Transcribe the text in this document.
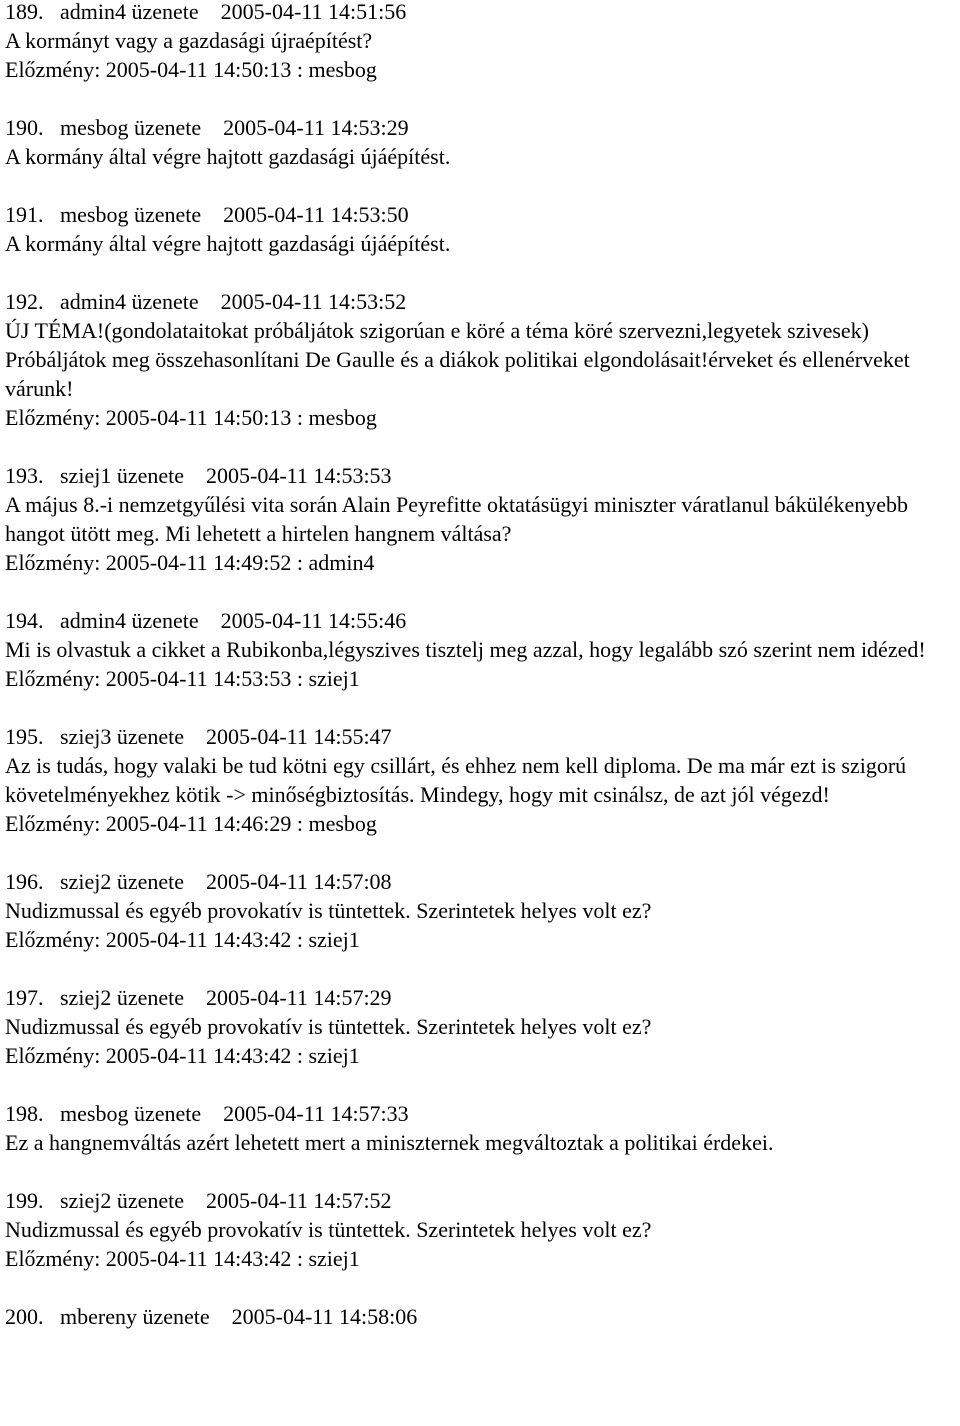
189. admin4 üzenete 2005-04-11 14:51:56

A kormányt vagy a gazdasági újraépítést?

Előzmény: 2005-04-11 14:50:13 : mesbog
190. mesbog üzenete 2005-04-11 14:53:29

A kormány által végre hajtott gazdasági újáépítést.

191. mesbog üzenete 2005-04-11 14:53:50

A kormány által végre hajtott gazdasági újáépítést.

192. admin4 üzenete 2005-04-11 14:53:52

ÚJ TÉMA!(gondolataitokat próbáljátok szigorúan e köré a téma köré szervezni,legyetek szivesek)

Próbáljátok meg összehasonlítani De Gaulle és a diákok politikai elgondolásait!érveket és ellenérveket várunk!

Előzmény: 2005-04-11 14:50:13 : mesbog
193. sziej1 üzenete 2005-04-11 14:53:53

A május 8.-i nemzetgyűlési vita során Alain Peyrefitte oktatásügyi miniszter váratlanul bákülékenyebb hangot ütött meg. Mi lehetett a hirtelen hangnem váltása?

Előzmény: 2005-04-11 14:49:52 : admin4
194. admin4 üzenete 2005-04-11 14:55:46

Mi is olvastuk a cikket a Rubikonba,légyszives tisztelj meg azzal, hogy legalább szó szerint nem idézed!

Előzmény: 2005-04-11 14:53:53 : sziej1
195. sziej3 üzenete 2005-04-11 14:55:47

Az is tudás, hogy valaki be tud kötni egy csillárt, és ehhez nem kell diploma. De ma már ezt is szigorú követelményekhez kötik -> minőségbiztosítás. Mindegy, hogy mit csinálsz, de azt jól végezd!

Előzmény: 2005-04-11 14:46:29 : mesbog
196. sziej2 üzenete 2005-04-11 14:57:08

Nudizmussal és egyéb provokatív is tüntettek. Szerintetek helyes volt ez?

Előzmény: 2005-04-11 14:43:42 : sziej1
197. sziej2 üzenete 2005-04-11 14:57:29

Nudizmussal és egyéb provokatív is tüntettek. Szerintetek helyes volt ez?

Előzmény: 2005-04-11 14:43:42 : sziej1
198. mesbog üzenete 2005-04-11 14:57:33

Ez a hangnemváltás azért lehetett mert a miniszternek megváltoztak a politikai érdekei.

199. sziej2 üzenete 2005-04-11 14:57:52

Nudizmussal és egyéb provokatív is tüntettek. Szerintetek helyes volt ez?

Előzmény: 2005-04-11 14:43:42 : sziej1
200. mbereny üzenete 2005-04-11 14:58:06
